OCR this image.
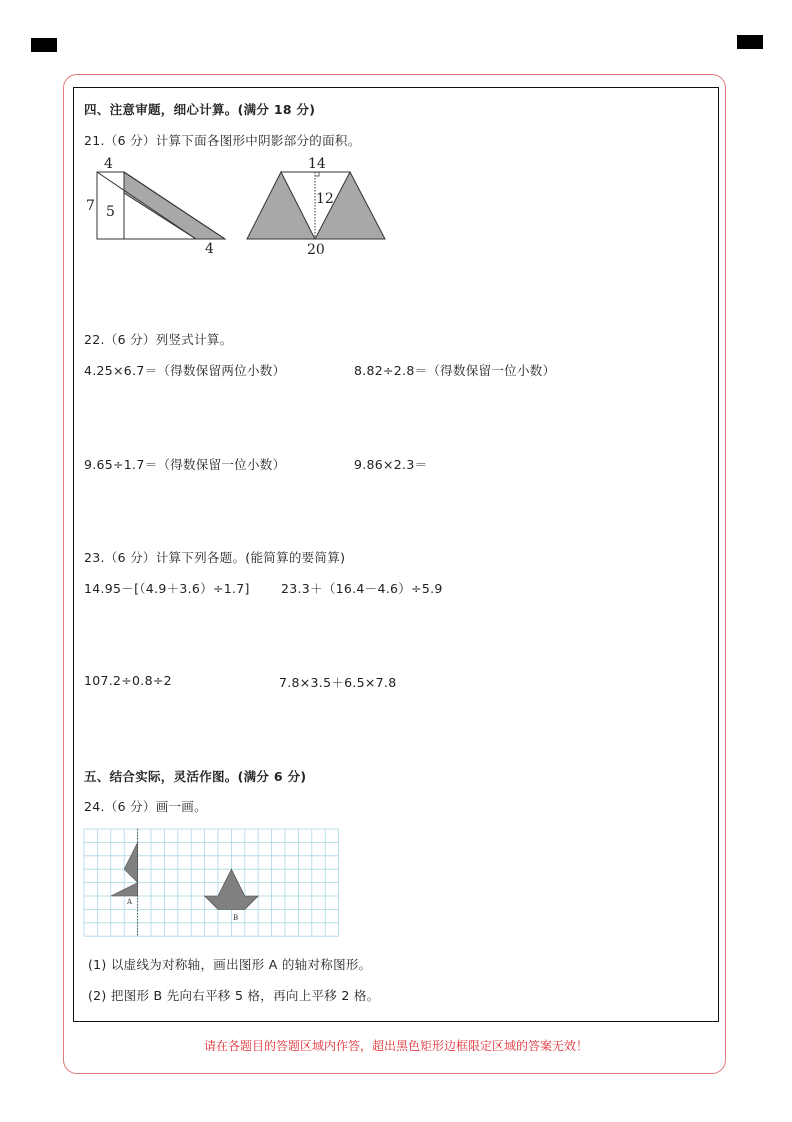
四、注意审题，细心计算。(满分 18 分)
21.（6 分）计算下面各图形中阴影部分的面积。
4
7 5
4
14
12
20
22.（6 分）列竖式计算。
4.25×6.7＝（得数保留两位小数）	8.82÷2.8＝（得数保留一位小数）
9.65÷1.7＝（得数保留一位小数）	9.86×2.3＝
23.（6 分）计算下列各题。(能简算的要简算)
14.95－[（4.9＋3.6）÷1.7]	23.3＋（16.4－4.6）÷5.9
107.2÷0.8÷2	7.8×3.5＋6.5×7.8
五、结合实际，灵活作图。(满分 6 分)
24.（6 分）画一画。
A
B
(1) 以虚线为对称轴，画出图形 A 的轴对称图形。
(2) 把图形 B 先向右平移 5 格，再向上平移 2 格。
请在各题目的答题区域内作答，超出黑色矩形边框限定区域的答案无效！
